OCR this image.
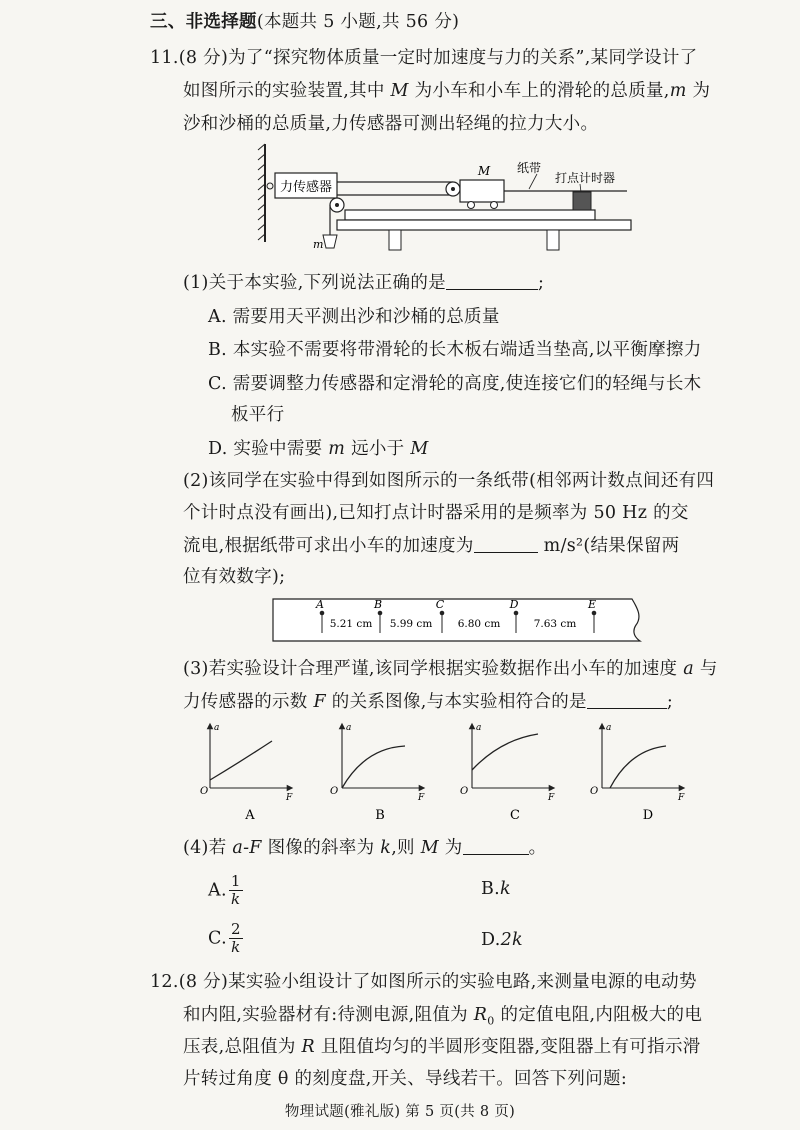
三、非选择题(本题共 5 小题,共 56 分)
11.(8 分)为了“探究物体质量一定时加速度与力的关系”,某同学设计了
如图所示的实验装置,其中 M 为小车和小车上的滑轮的总质量,m 为
沙和沙桶的总质量,力传感器可测出轻绳的拉力大小。
力传感器
m
M 纸带
打点计时器
(1)关于本实验,下列说法正确的是	;
A. 需要用天平测出沙和沙桶的总质量
B. 本实验不需要将带滑轮的长木板右端适当垫高,以平衡摩擦力
C. 需要调整力传感器和定滑轮的高度,使连接它们的轻绳与长木
板平行
D. 实验中需要 m 远小于 M
(2)该同学在实验中得到如图所示的一条纸带(相邻两计数点间还有四
个计时点没有画出),已知打点计时器采用的是频率为 50 Hz 的交
流电,根据纸带可求出小车的加速度为	m/s²(结果保留两
位有效数字);
A	B	C	D	E
5.21 cm 5.99 cm 6.80 cm	7.63 cm
(3)若实验设计合理严谨,该同学根据实验数据作出小车的加速度 a 与
力传感器的示数 F 的关系图像,与本实验相符合的是	;
O
a
F
A
O
a
F
B
O
a
F
C
O
a
F
D
(4)若 a-F 图像的斜率为 k,则 M 为	。
A. $\frac{1}{k}$	B.k
C. $\frac{2}{k}$	D.2k
12.(8 分)某实验小组设计了如图所示的实验电路,来测量电源的电动势
和内阻,实验器材有:待测电源,阻值为 $R_0$ 的定值电阻,内阻极大的电
压表,总阻值为 R 且阻值均匀的半圆形变阻器,变阻器上有可指示滑
片转过角度 θ 的刻度盘,开关、导线若干。回答下列问题:
物理试题(雅礼版) 第 5 页(共 8 页)
